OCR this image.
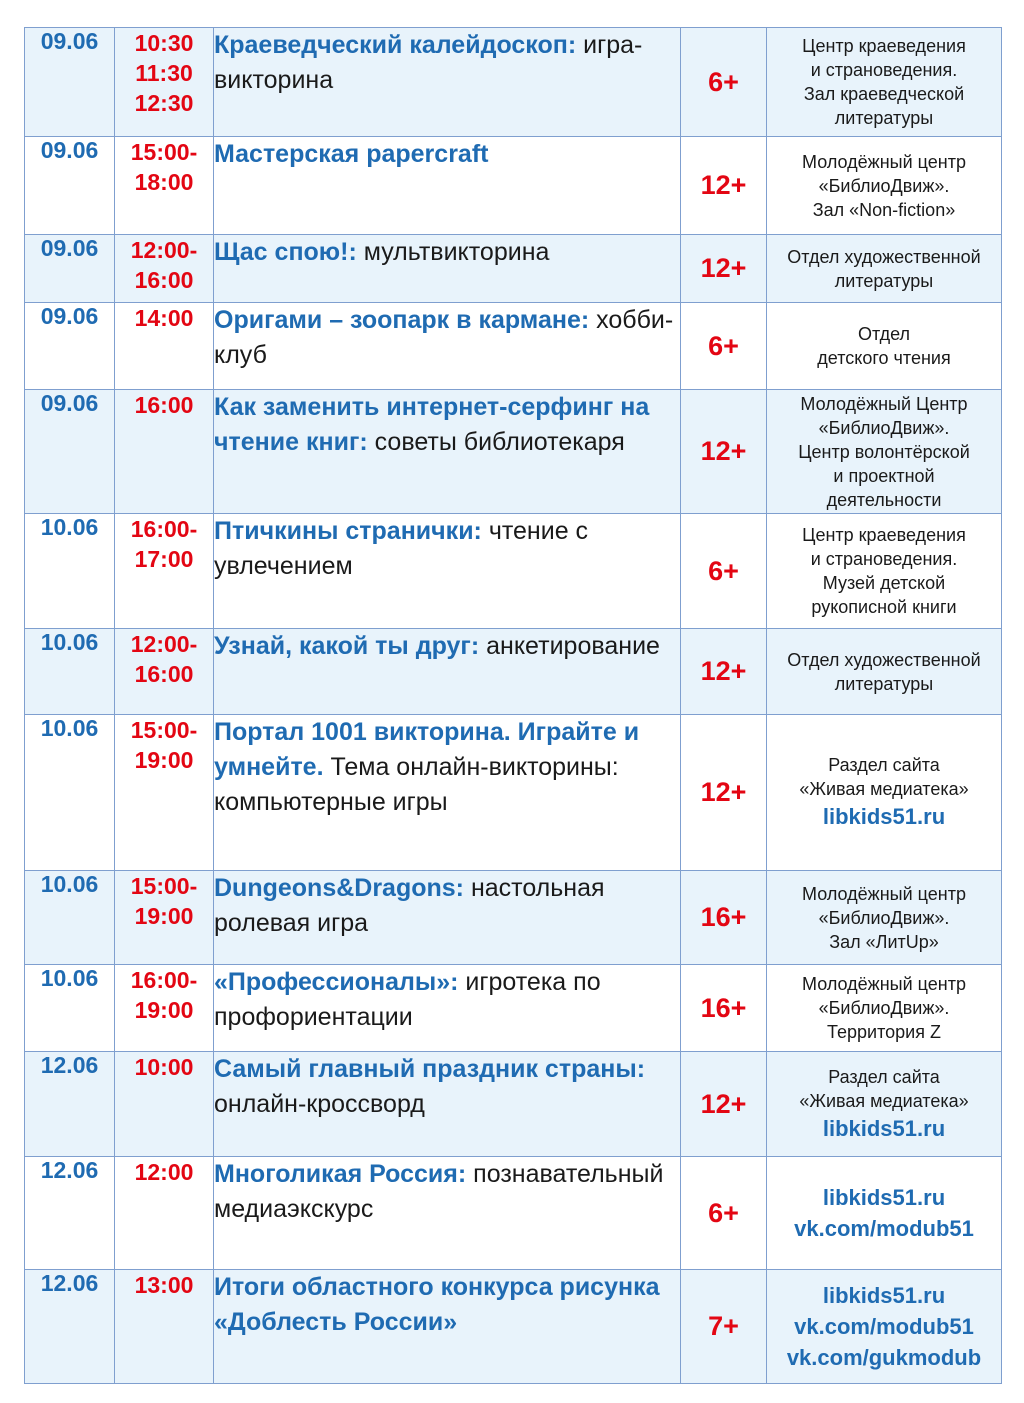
09.06	10:30
11:30
12:30	Краеведческий калейдоскоп: игра-викторина	6+	Центр краеведения
и страноведения.
Зал краеведческой
литературы

09.06	15:00-
18:00	Мастерская papercraft	12+	Молодёжный центр
«БиблиоДвиж».
Зал «Non-fiction»

09.06	12:00-
16:00	Щас спою!: мультвикторина	12+	Отдел художественной
литературы

09.06	14:00	Оригами – зоопарк в кармане: хобби-клуб	6+	Отдел
детского чтения

09.06	16:00	Как заменить интернет-серфинг на чтение книг: советы библиотекаря	12+	Молодёжный Центр
«БиблиоДвиж».
Центр волонтёрской
и проектной
деятельности

10.06	16:00-
17:00	Птичкины странички: чтение с увлечением	6+	Центр краеведения
и страноведения.
Музей детской
рукописной книги

10.06	12:00-
16:00	Узнай, какой ты друг: анкетирование	12+	Отдел художественной
литературы

10.06	15:00-
19:00	Портал 1001 викторина. Играйте и умнейте. Тема онлайн-викторины: компьютерные игры	12+	Раздел сайта
«Живая медиатека»
libkids51.ru

10.06	15:00-
19:00	Dungeons&Dragons: настольная ролевая игра	16+	Молодёжный центр
«БиблиоДвиж».
Зал «ЛитUp»

10.06	16:00-
19:00	«Профессионалы»: игротека по профориентации	16+	Молодёжный центр
«БиблиоДвиж».
Территория Z

12.06	10:00	Самый главный праздник страны: онлайн-кроссворд	12+	Раздел сайта
«Живая медиатека»
libkids51.ru

12.06	12:00	Многоликая Россия: познавательный медиаэкскурс	6+	libkids51.ru
vk.com/modub51

12.06	13:00	Итоги областного конкурса рисунка «Доблесть России»	7+	libkids51.ru
vk.com/modub51
vk.com/gukmodub
